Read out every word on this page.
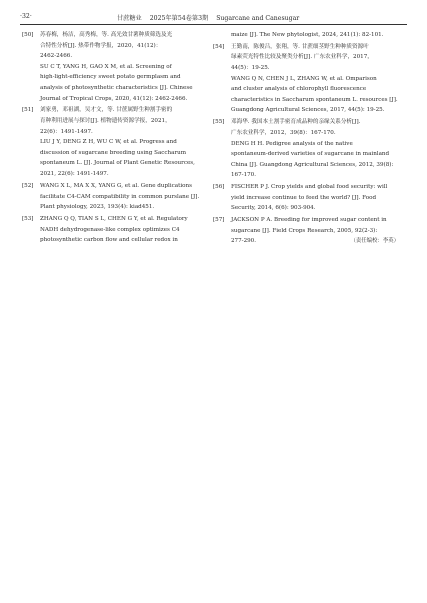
·32·	甘蔗糖业 2025年第54卷第3期 Sugarcane and Canesugar
[50] 苏春梅，杨洁，高秀梅，等. 高光效甘薯种质筛选及光
合特性分析[J]. 热带作物学报，2020，41(12)：
2462-2466.
SU C T, YANG H, GAO X M, et al. Screening of
high-light-efficiency sweet potato germplasm and
analysis of photosynthetic characteristics [J]. Chinese
Journal of Tropical Crops, 2020, 41(12): 2462-2466.
[51] 刘家勇，邓祖湖，吴才文，等. 甘蔗属野生种割手密的
育种利用进展与探讨[J]. 植物遗传资源学报，2021，
22(6)：1491-1497.
LIU J Y, DENG Z H, WU C W, et al. Progress and
discussion of sugarcane breeding using Saccharum
spontaneum L. [J]. Journal of Plant Genetic Resources,
2021, 22(6): 1491-1497.
[52] WANG X L, MA X X, YANG G, et al. Gene duplications
facilitate C4-CAM compatibility in common purslane [J].
Plant physiology, 2023, 193(4): kiad451.
[53] ZHANG Q Q, TIAN S L, CHEN G Y, et al. Regulatory
NADH dehydrogenase-like complex optimizes C4
photosynthetic carbon flow and cellular redox in
maize [J]. The New phytologist, 2024, 241(1): 82-101.
[54] 王勤南，陈俊吕，张翔，等. 甘蔗细茎野生种种质资源叶
绿素荧光特性比较及聚类分析[J]. 广东农业科学，2017，
44(5)：19-25.
WANG Q N, CHEN J L, ZHANG W, et al. Omparison
and cluster analysis of chlorophyll fluorescence
characteristics in Saccharum spontaneum L. resources [J].
Guangdong Agricultural Sciences, 2017, 44(5): 19-25.
[55] 邓海华. 我国本土割手密育成品种的亲缘关系分析[J].
广东农业科学，2012，39(8)：167-170.
DENG H H. Pedigree analysis of the native
spontaneum-derived varieties of sugarcane in mainland
China [J]. Guangdong Agricultural Sciences, 2012, 39(8):
167-170.
[56] FISCHER P J. Crop yields and global food security: will
yield increase continue to feed the world? [J]. Food
Security, 2014, 6(6): 903-904.
[57] JACKSON P A. Breeding for improved sugar content in
sugarcane [J]. Field Crops Research, 2005, 92(2-3):
277-290.	（责任编校：李英）
